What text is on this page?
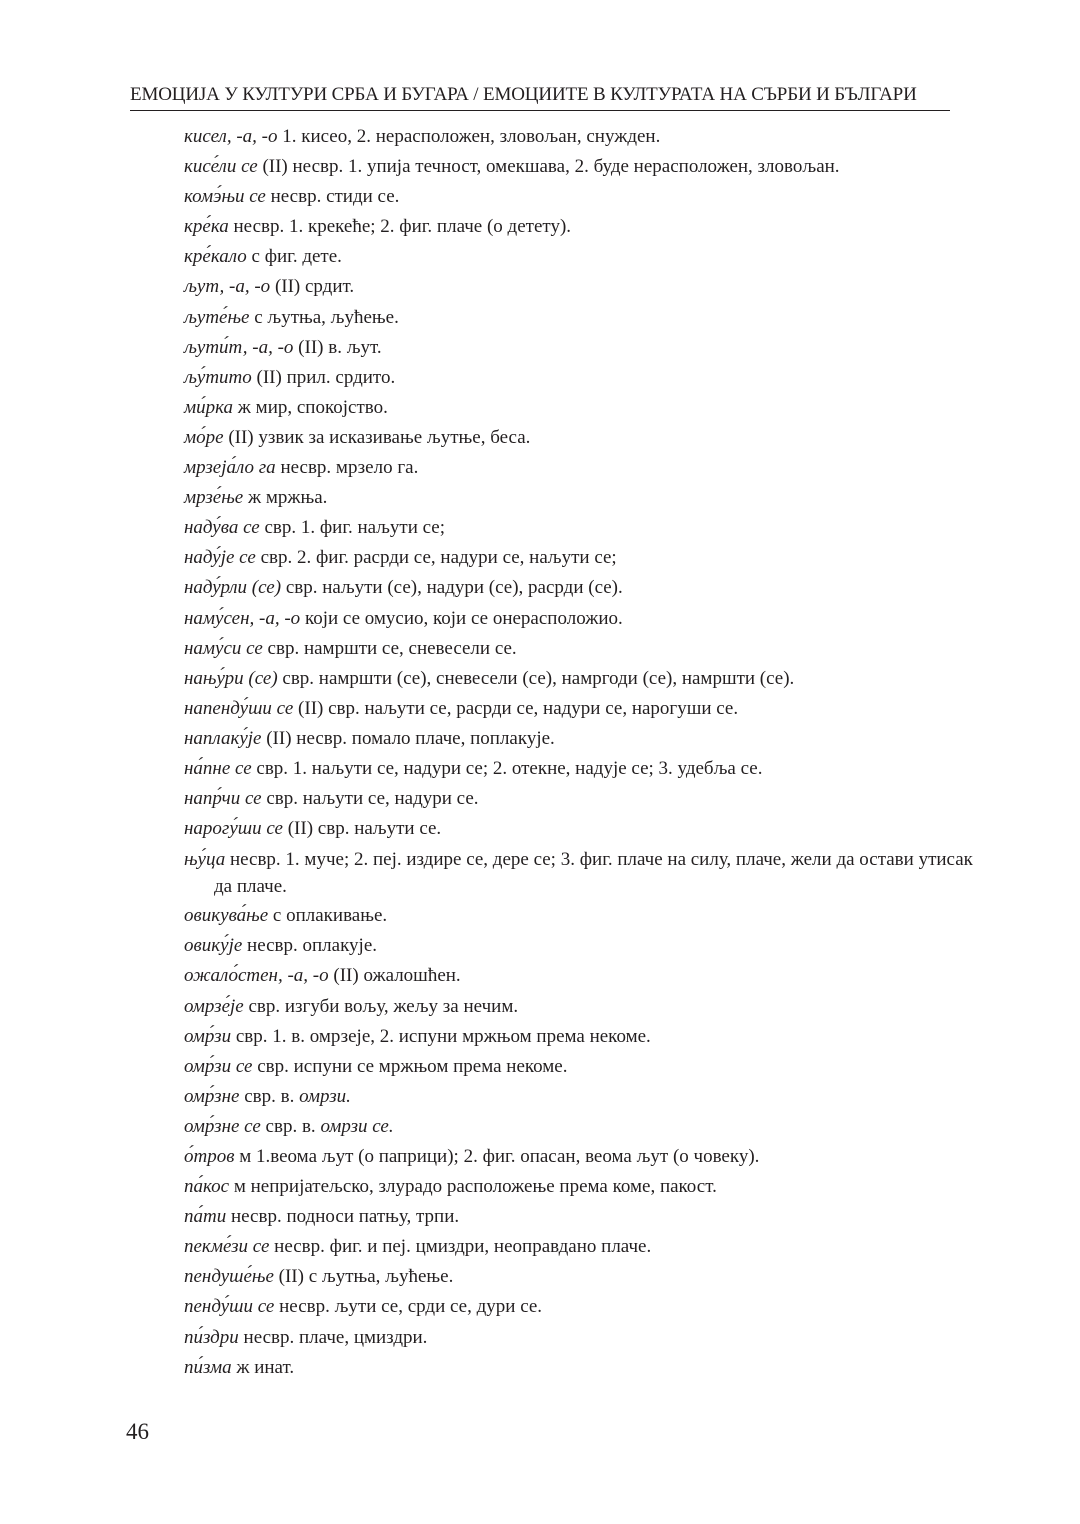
ЕМОЦИЈА У КУЛТУРИ СРБА И БУГАРА / ЕМОЦИИТЕ В КУЛТУРАТА НА СЪРБИ И БЪЛГАРИ
кисел, -а, -о 1. кисео, 2. нерасположен, зловољан, снужден.
кисе́ли се (II) несвр. 1. упија течност, омекшава, 2. буде нерасположен, зловољан.
комэ́њи се несвр. стиди се.
кре́ка несвр. 1. крекеће; 2. фиг. плаче (о детету).
кре́кало с фиг. дете.
љут, -а, -о (II) срдит.
љуте́ње с љутња, љућење.
љути́т, -а, -о (II) в. љут.
љу́тито (II) прил. срдито.
ми́рка ж мир, спокојство.
мо́ре (II) узвик за исказивање љутње, беса.
мрзеја́ло га несвр. мрзело га.
мрзе́ње ж мржња.
наду́ва се свр. 1. фиг. наљути се;
наду́је се свр. 2. фиг. расрди се, надури се, наљути се;
наду́рли (се) свр. наљути (се), надури (се), расрди (се).
наму́сен, -а, -о који се омусио, који се онерасположио.
наму́си се свр. намршти се, снeвесели се.
нању́ри (се) свр. намршти (се), сневесели (се), намргоди (се), намршти (се).
напенду́ши се (II) свр. наљути се, расрди се, надури се, нарогуши се.
наплаку́је (II) несвр. помало плаче, поплакује.
на́пне се свр. 1. наљути се, надури се; 2. отекне, надује се; 3. удебља се.
напр́чи се свр. наљути се, надури се.
нарогу́ши се (II) свр. наљути се.
њу́ца несвр. 1. муче; 2. пеј. издире се, дере се; 3. фиг. плаче на силу, плаче, жели да остави утисак да плаче.
овикува́ње с оплакивање.
овику́је несвр. оплакује.
ожало́стен, -а, -о (II) ожалошћен.
омрзе́је свр. изгуби вољу, жељу за нечим.
омр́зи свр. 1. в. омрзеје, 2. испуни мржњом према некоме.
омр́зи се свр. испуни се мржњом према некоме.
омр́зне свр. в. омрзи.
омр́зне се свр. в. омрзи се.
о́тров м 1.веома љут (о паприци); 2. фиг. опасан, веома љут (о човеку).
па́кос м непријатељско, злурадо расположење према коме, пакост.
па́ти несвр. подноси патњу, трпи.
пекме́зи се несвр. фиг. и пеј. цмиздри, неоправдано плаче.
пендуше́ње (II) с љутња, љућење.
пенду́ши се несвр. љути се, срди се, дури се.
пи́здри несвр. плаче, цмиздри.
пи́зма ж инат.
46
